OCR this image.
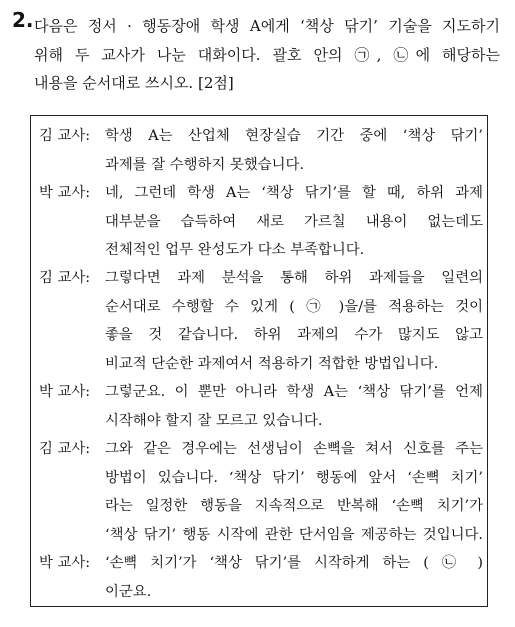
2. 다음은 정서 · 행동장애 학생 A에게 ‘책상 닦기’ 기술을 지도하기
위해 두 교사가 나눈 대화이다. 괄호 안의 ㉠, ㉡에 해당하는
내용을 순서대로 쓰시오. [2점]
김 교사:	학생 A는 산업체 현장실습 기간 중에 ‘책상 닦기’
과제를 잘 수행하지 못했습니다.
박 교사:	네, 그런데 학생 A는 ‘책상 닦기’를 할 때, 하위 과제
대부분을 습득하여 새로 가르칠 내용이 없는데도
전체적인 업무 완성도가 다소 부족합니다.
김 교사:	그렇다면 과제 분석을 통해 하위 과제들을 일련의
순서대로 수행할 수 있게 ( ㉠ )을/를 적용하는 것이
좋을 것 같습니다. 하위 과제의 수가 많지도 않고
비교적 단순한 과제여서 적용하기 적합한 방법입니다.
박 교사:	그렇군요. 이 뿐만 아니라 학생 A는 ‘책상 닦기’를 언제
시작해야 할지 잘 모르고 있습니다.
김 교사:	그와 같은 경우에는 선생님이 손뼉을 쳐서 신호를 주는
방법이 있습니다. ‘책상 닦기’ 행동에 앞서 ‘손뼉 치기’
라는 일정한 행동을 지속적으로 반복해 ‘손뼉 치기’가
‘책상 닦기’ 행동 시작에 관한 단서임을 제공하는 것입니다.
박 교사:	‘손뼉 치기’가 ‘책상 닦기’를 시작하게 하는 ( ㉡ )
이군요.
